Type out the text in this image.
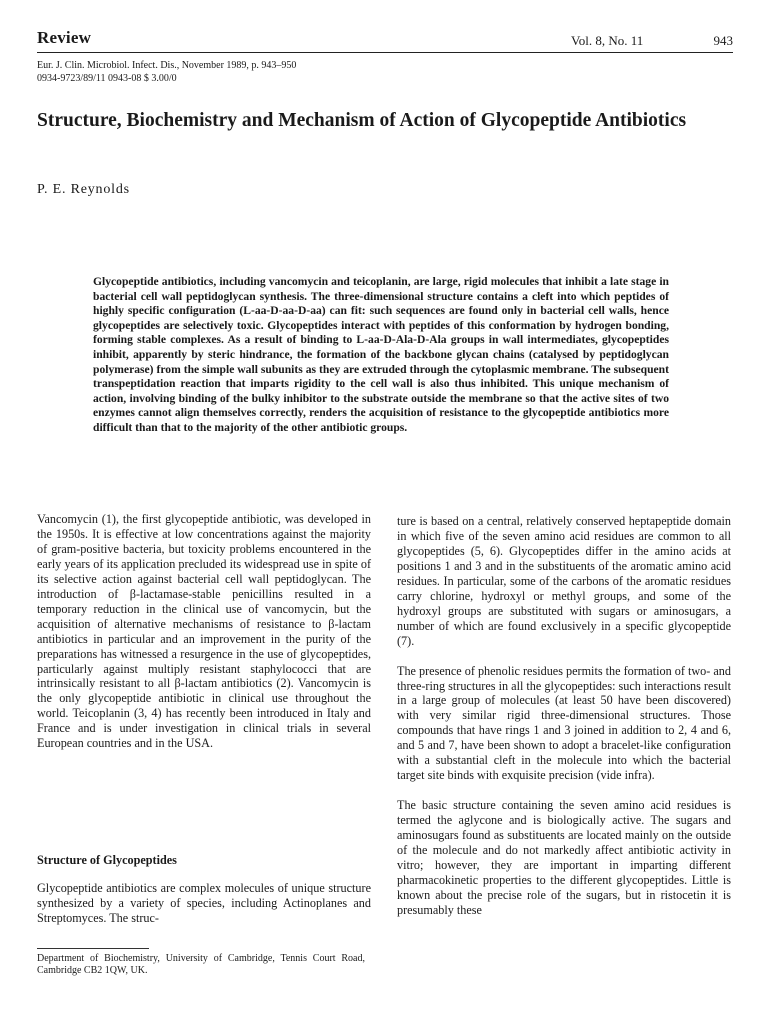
Review	Vol. 8, No. 11	943
Eur. J. Clin. Microbiol. Infect. Dis., November 1989, p. 943–950
0934-9723/89/11 0943-08 $ 3.00/0
Structure, Biochemistry and Mechanism of Action of Glycopeptide Antibiotics
P. E. Reynolds
Glycopeptide antibiotics, including vancomycin and teicoplanin, are large, rigid molecules that inhibit a late stage in bacterial cell wall peptidoglycan synthesis. The three-dimensional structure contains a cleft into which peptides of highly specific configuration (L-aa-D-aa-D-aa) can fit: such sequences are found only in bacterial cell walls, hence glycopeptides are selectively toxic. Glycopeptides interact with peptides of this conformation by hydrogen bonding, forming stable complexes. As a result of binding to L-aa-D-Ala-D-Ala groups in wall intermediates, glycopeptides inhibit, apparently by steric hindrance, the formation of the backbone glycan chains (catalysed by peptidoglycan polymerase) from the simple wall subunits as they are extruded through the cytoplasmic membrane. The subsequent transpeptidation reaction that imparts rigidity to the cell wall is also thus inhibited. This unique mechanism of action, involving binding of the bulky inhibitor to the substrate outside the membrane so that the active sites of two enzymes cannot align themselves correctly, renders the acquisition of resistance to the glycopeptide antibiotics more difficult than that to the majority of the other antibiotic groups.

Vancomycin (1), the first glycopeptide antibiotic, was developed in the 1950s. It is effective at low concentrations against the majority of gram-positive bacteria, but toxicity problems encountered in the early years of its application precluded its widespread use in spite of its selective action against bacterial cell wall peptidoglycan. The introduction of β-lactamase-stable penicillins resulted in a temporary reduction in the clinical use of vancomycin, but the acquisition of alternative mechanisms of resistance to β-lactam antibiotics in particular and an improvement in the purity of the preparations has witnessed a resurgence in the use of glycopeptides, particularly against multiply resistant staphylococci that are intrinsically resistant to all β-lactam antibiotics (2). Vancomycin is the only glycopeptide antibiotic in clinical use throughout the world. Teicoplanin (3, 4) has recently been introduced in Italy and France and is under investigation in clinical trials in several European countries and in the USA.

Structure of Glycopeptides

Glycopeptide antibiotics are complex molecules of unique structure synthesized by a variety of species, including Actinoplanes and Streptomyces. The struc-

ture is based on a central, relatively conserved heptapeptide domain in which five of the seven amino acid residues are common to all glycopeptides (5, 6). Glycopeptides differ in the amino acids at positions 1 and 3 and in the substituents of the aromatic amino acid residues. In particular, some of the carbons of the aromatic residues carry chlorine, hydroxyl or methyl groups, and some of the hydroxyl groups are substituted with sugars or aminosugars, a number of which are found exclusively in a specific glycopeptide (7).

The presence of phenolic residues permits the formation of two- and three-ring structures in all the glycopeptides: such interactions result in a large group of molecules (at least 50 have been discovered) with very similar rigid three-dimensional structures. Those compounds that have rings 1 and 3 joined in addition to 2, 4 and 6, and 5 and 7, have been shown to adopt a bracelet-like configuration with a substantial cleft in the molecule into which the bacterial target site binds with exquisite precision (vide infra).

The basic structure containing the seven amino acid residues is termed the aglycone and is biologically active. The sugars and aminosugars found as substituents are located mainly on the outside of the molecule and do not markedly affect antibiotic activity in vitro; however, they are important in imparting different pharmacokinetic properties to the different glycopeptides. Little is known about the precise role of the sugars, but in ristocetin it is presumably these

Department of Biochemistry, University of Cambridge, Tennis Court Road, Cambridge CB2 1QW, UK.
